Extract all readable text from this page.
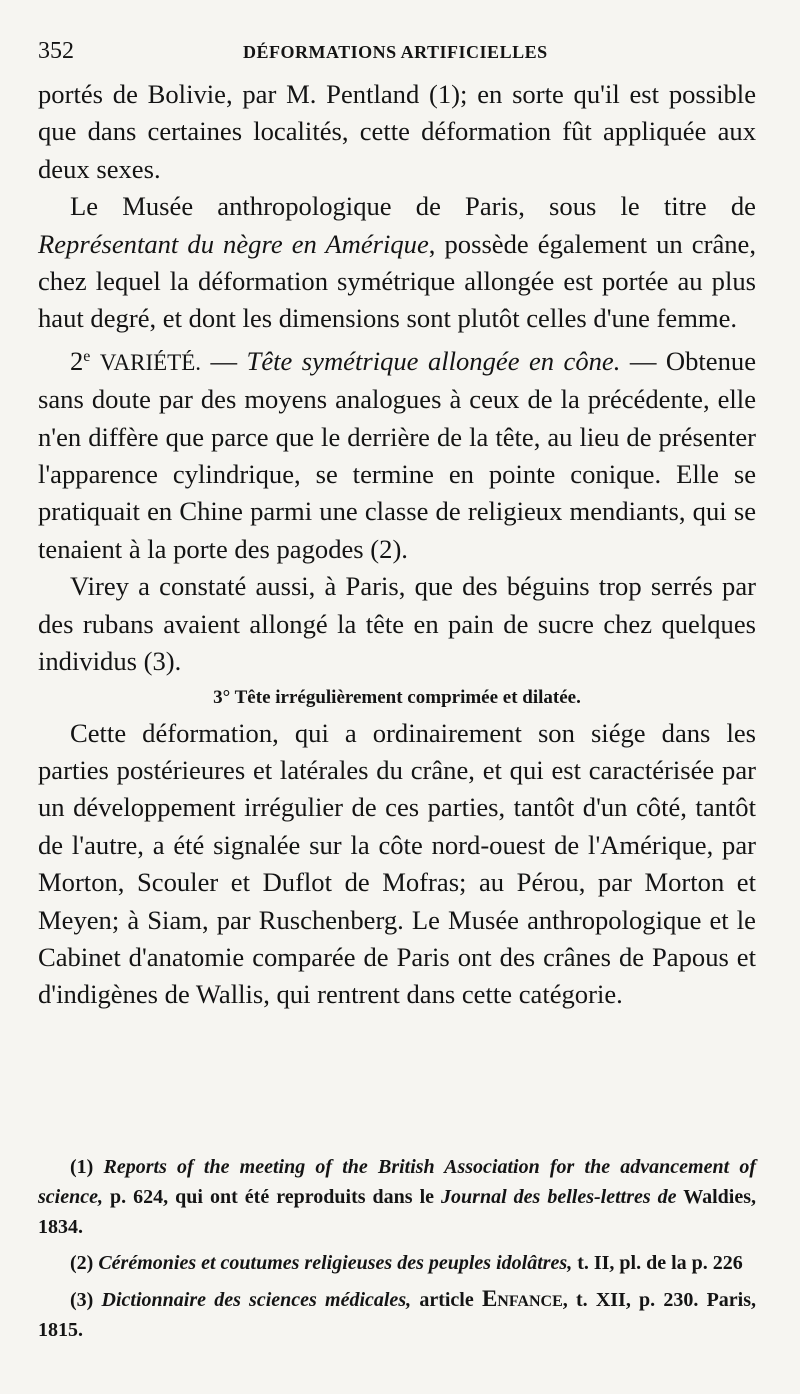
352	DÉFORMATIONS ARTIFICIELLES

portés de Bolivie, par M. Pentland (1); en sorte qu'il est possible que dans certaines localités, cette déformation fût appliquée aux deux sexes.

Le Musée anthropologique de Paris, sous le titre de Représentant du nègre en Amérique, possède également un crâne, chez lequel la déformation symétrique allongée est portée au plus haut degré, et dont les dimensions sont plutôt celles d'une femme.

2e VARIÉTÉ. — Tête symétrique allongée en cône. — Obtenue sans doute par des moyens analogues à ceux de la précédente, elle n'en diffère que parce que le derrière de la tête, au lieu de présenter l'apparence cylindrique, se termine en pointe conique. Elle se pratiquait en Chine parmi une classe de religieux mendiants, qui se tenaient à la porte des pagodes (2).

Virey a constaté aussi, à Paris, que des béguins trop serrés par des rubans avaient allongé la tête en pain de sucre chez quelques individus (3).

3° Tête irrégulièrement comprimée et dilatée.

Cette déformation, qui a ordinairement son siége dans les parties postérieures et latérales du crâne, et qui est caractérisée par un développement irrégulier de ces parties, tantôt d'un côté, tantôt de l'autre, a été signalée sur la côte nord-ouest de l'Amérique, par Morton, Scouler et Duflot de Mofras; au Pérou, par Morton et Meyen; à Siam, par Ruschenberg. Le Musée anthropologique et le Cabinet d'anatomie comparée de Paris ont des crânes de Papous et d'indigènes de Wallis, qui rentrent dans cette catégorie.

(1) Reports of the meeting of the British Association for the advancement of science, p. 624, qui ont été reproduits dans le Journal des belles-lettres de Waldies, 1834.

(2) Cérémonies et coutumes religieuses des peuples idolâtres, t. II, pl. de la p. 226

(3) Dictionnaire des sciences médicales, article Enfance, t. XII, p. 230. Paris, 1815.
